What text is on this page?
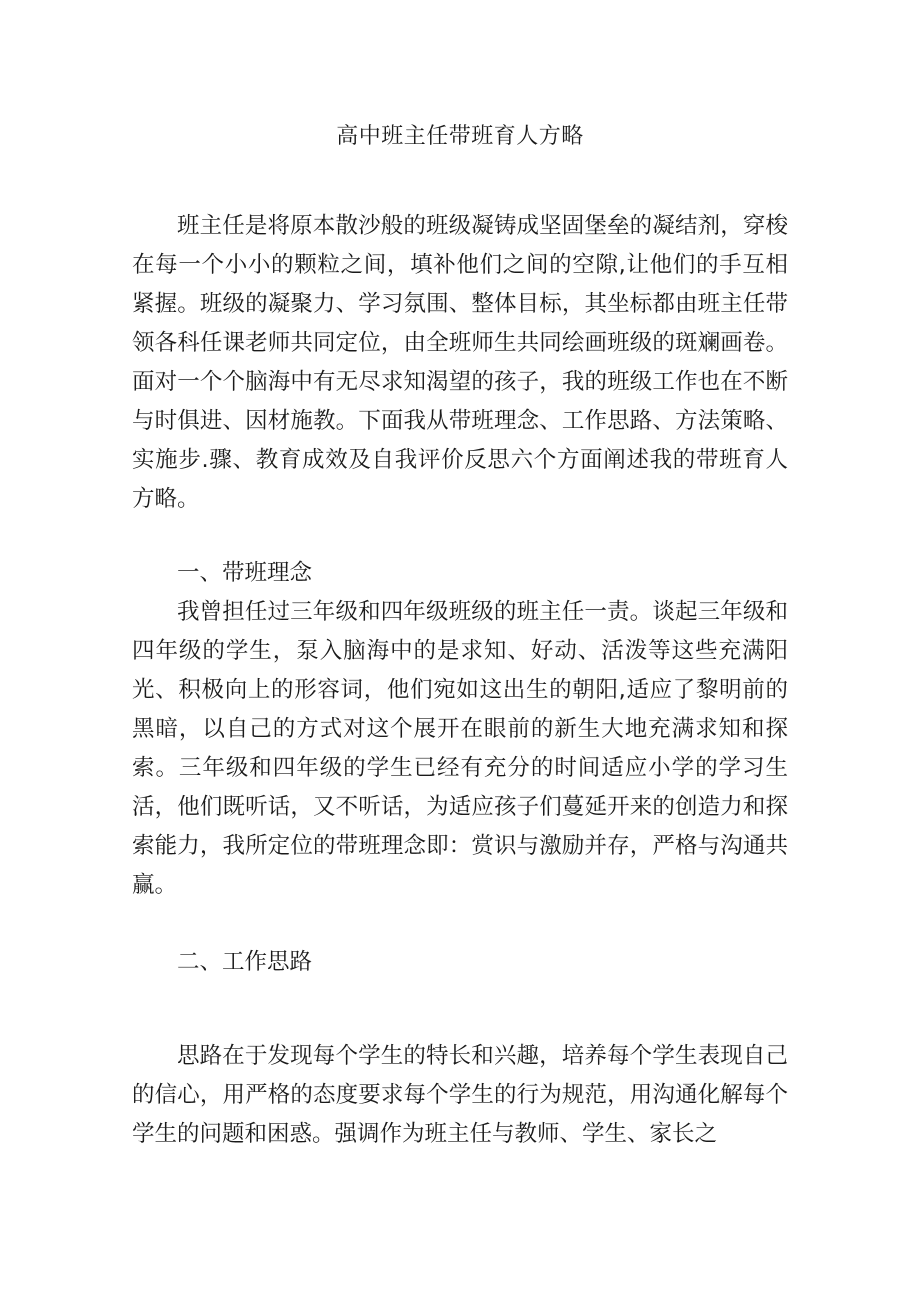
高中班主任带班育人方略

班主任是将原本散沙般的班级凝铸成坚固堡垒的凝结剂，穿梭在每一个小小的颗粒之间，填补他们之间的空隙,让他们的手互相紧握。班级的凝聚力、学习氛围、整体目标，其坐标都由班主任带领各科任课老师共同定位，由全班师生共同绘画班级的斑斓画卷。面对一个个脑海中有无尽求知渴望的孩子，我的班级工作也在不断与时俱进、因材施教。下面我从带班理念、工作思路、方法策略、实施步.骤、教育成效及自我评价反思六个方面阐述我的带班育人方略。

一、带班理念

我曾担任过三年级和四年级班级的班主任一责。谈起三年级和四年级的学生，泵入脑海中的是求知、好动、活泼等这些充满阳光、积极向上的形容词，他们宛如这出生的朝阳,适应了黎明前的黑暗，以自己的方式对这个展开在眼前的新生大地充满求知和探索。三年级和四年级的学生已经有充分的时间适应小学的学习生活，他们既听话，又不听话，为适应孩子们蔓延开来的创造力和探索能力，我所定位的带班理念即：赏识与激励并存，严格与沟通共赢。

二、工作思路

思路在于发现每个学生的特长和兴趣，培养每个学生表现自己的信心，用严格的态度要求每个学生的行为规范，用沟通化解每个学生的问题和困惑。强调作为班主任与教师、学生、家长之
